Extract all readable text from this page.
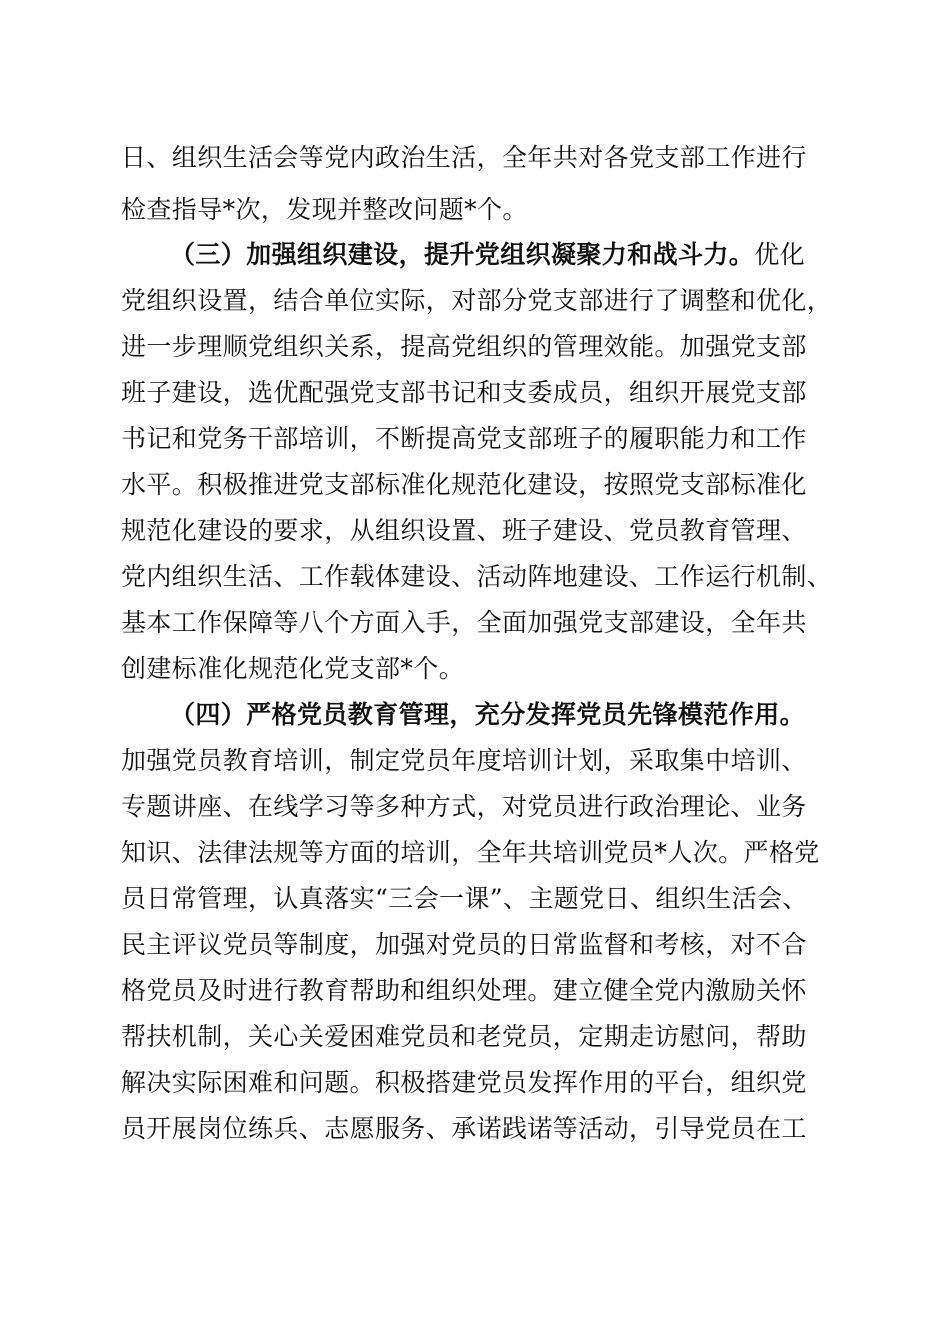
日、组织生活会等党内政治生活，全年共对各党支部工作进行
检查指导*次，发现并整改问题*个。
（三）加强组织建设，提升党组织凝聚力和战斗力。优化
党组织设置，结合单位实际，对部分党支部进行了调整和优化，
进一步理顺党组织关系，提高党组织的管理效能。加强党支部
班子建设，选优配强党支部书记和支委成员，组织开展党支部
书记和党务干部培训，不断提高党支部班子的履职能力和工作
水平。积极推进党支部标准化规范化建设，按照党支部标准化
规范化建设的要求，从组织设置、班子建设、党员教育管理、
党内组织生活、工作载体建设、活动阵地建设、工作运行机制、
基本工作保障等八个方面入手，全面加强党支部建设，全年共
创建标准化规范化党支部*个。
（四）严格党员教育管理，充分发挥党员先锋模范作用。
加强党员教育培训，制定党员年度培训计划，采取集中培训、
专题讲座、在线学习等多种方式，对党员进行政治理论、业务
知识、法律法规等方面的培训，全年共培训党员*人次。严格党
员日常管理，认真落实“三会一课”、主题党日、组织生活会、
民主评议党员等制度，加强对党员的日常监督和考核，对不合
格党员及时进行教育帮助和组织处理。建立健全党内激励关怀
帮扶机制，关心关爱困难党员和老党员，定期走访慰问，帮助
解决实际困难和问题。积极搭建党员发挥作用的平台，组织党
员开展岗位练兵、志愿服务、承诺践诺等活动，引导党员在工
